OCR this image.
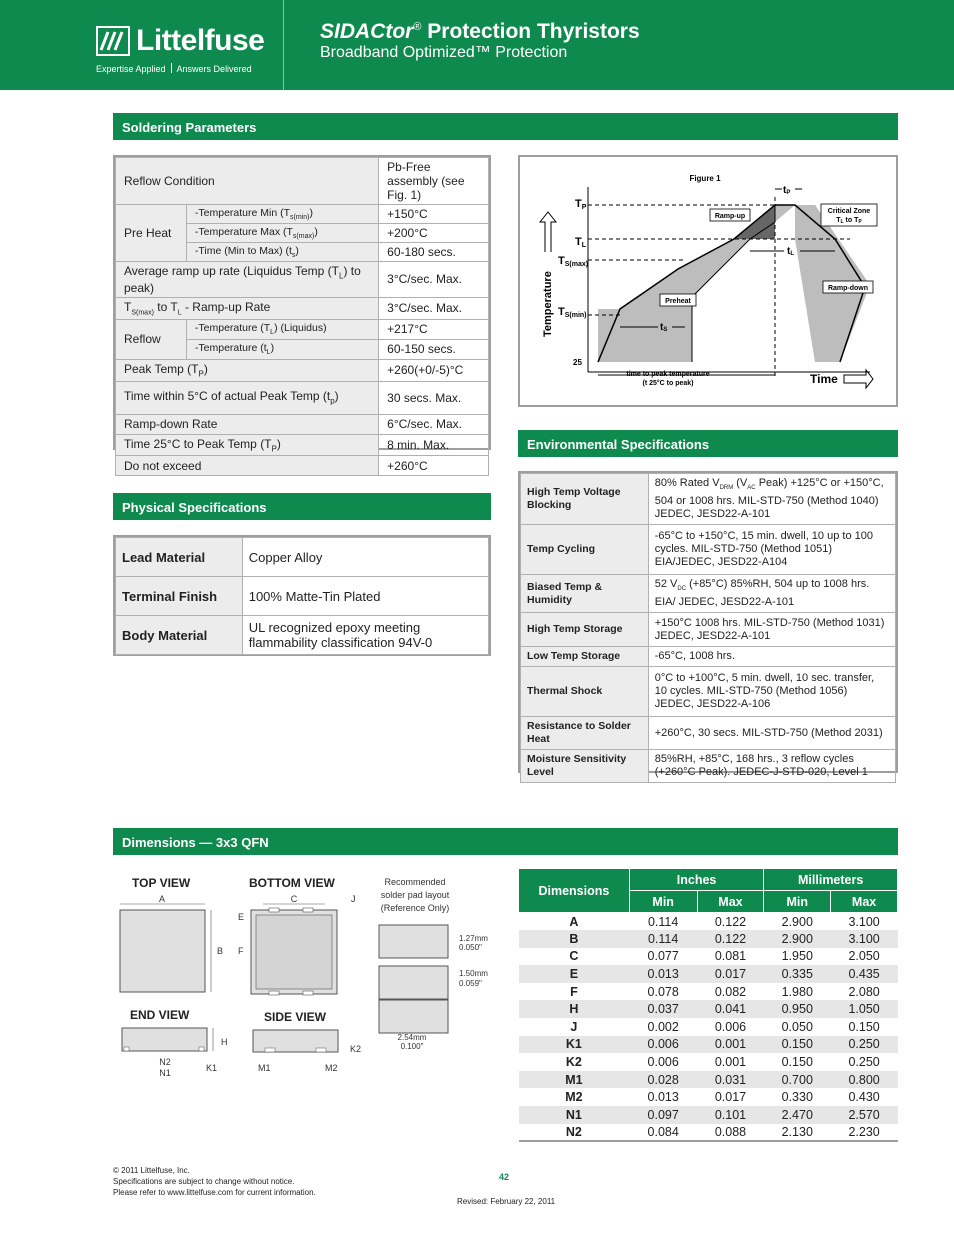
Littelfuse
Expertise Applied Answers Delivered
SIDACtor® Protection Thyristors
Broadband Optimized™ Protection
Soldering Parameters
Reflow Condition		Pb-Free assembly (see Fig. 1)
Pre Heat	-Temperature Min $(T_{s(min)})$	+150°C
	-Temperature Max $(T_{s(max)})$	+200°C
	-Time (Min to Max) $(t_s)$	60-180 secs.
Average ramp up rate (Liquidus Temp $(T_L)$ to peak)		3°C/sec. Max.
$T_{S(max)}$ to $T_L$ - Ramp-up Rate		3°C/sec. Max.
Reflow	-Temperature $(T_L)$ (Liquidus)	+217°C
	-Temperature $(t_L)$	60-150 secs.
Peak Temp $(T_P)$		+260(+0/-5)°C
Time within 5°C of actual Peak Temp $(t_p)$		30 secs. Max.
Ramp-down Rate		6°C/sec. Max.
Time 25°C to Peak Temp $(T_P)$		8 min. Max.
Do not exceed		+260°C
Figure 1
TP
TL
TS(max)
TS(min)
25
Temperature
Time
Ramp-up
Ramp-down
Preheat
Critical Zone
TL to TP
tP
tL
tS
time to peak temperature
(t 25°C to peak)
Environmental Specifications
High Temp Voltage Blocking	80% Rated $V_{DRM}$ ($V_{AC}$ Peak) +125°C or +150°C, 504 or 1008 hrs. MIL-STD-750 (Method 1040) JEDEC, JESD22-A-101
Temp Cycling	-65°C to +150°C, 15 min. dwell, 10 up to 100 cycles. MIL-STD-750 (Method 1051) EIA/JEDEC, JESD22-A104
Biased Temp & Humidity	52 $V_{DC}$ (+85°C) 85%RH, 504 up to 1008 hrs. EIA/ JEDEC, JESD22-A-101
High Temp Storage	+150°C 1008 hrs. MIL-STD-750 (Method 1031) JEDEC, JESD22-A-101
Low Temp Storage	-65°C, 1008 hrs.
Thermal Shock	0°C to +100°C, 5 min. dwell, 10 sec. transfer, 10 cycles. MIL-STD-750 (Method 1056) JEDEC, JESD22-A-106
Resistance to Solder Heat	+260°C, 30 secs. MIL-STD-750 (Method 2031)
Moisture Sensitivity Level	85%RH, +85°C, 168 hrs., 3 reflow cycles (+260°C Peak). JEDEC-J-STD-020, Level 1
Physical Specifications
Lead Material	Copper Alloy
Terminal Finish	100% Matte-Tin Plated
Body Material	UL recognized epoxy meeting flammability classification 94V-0
Dimensions — 3x3 QFN
TOP VIEW	BOTTOM VIEW
END VIEW	SIDE VIEW
Recommended
solder pad layout
(Reference Only)
A
B
C	J
E
F
H
N2
N1	K1	M1	M2
K2
1.27mm
0.050"
1.50mm
0.059"
2.54mm
0.100"
Dimensions	Inches		Millimeters	
	Min	Max	Min	Max
A	0.114	0.122	2.900	3.100
B	0.114	0.122	2.900	3.100
C	0.077	0.081	1.950	2.050
E	0.013	0.017	0.335	0.435
F	0.078	0.082	1.980	2.080
H	0.037	0.041	0.950	1.050
J	0.002	0.006	0.050	0.150
K1	0.006	0.001	0.150	0.250
K2	0.006	0.001	0.150	0.250
M1	0.028	0.031	0.700	0.800
M2	0.013	0.017	0.330	0.430
N1	0.097	0.101	2.470	2.570
N2	0.084	0.088	2.130	2.230
© 2011 Littelfuse, Inc.
Specifications are subject to change without notice.
Please refer to www.littelfuse.com for current information.
42
Revised: February 22, 2011
